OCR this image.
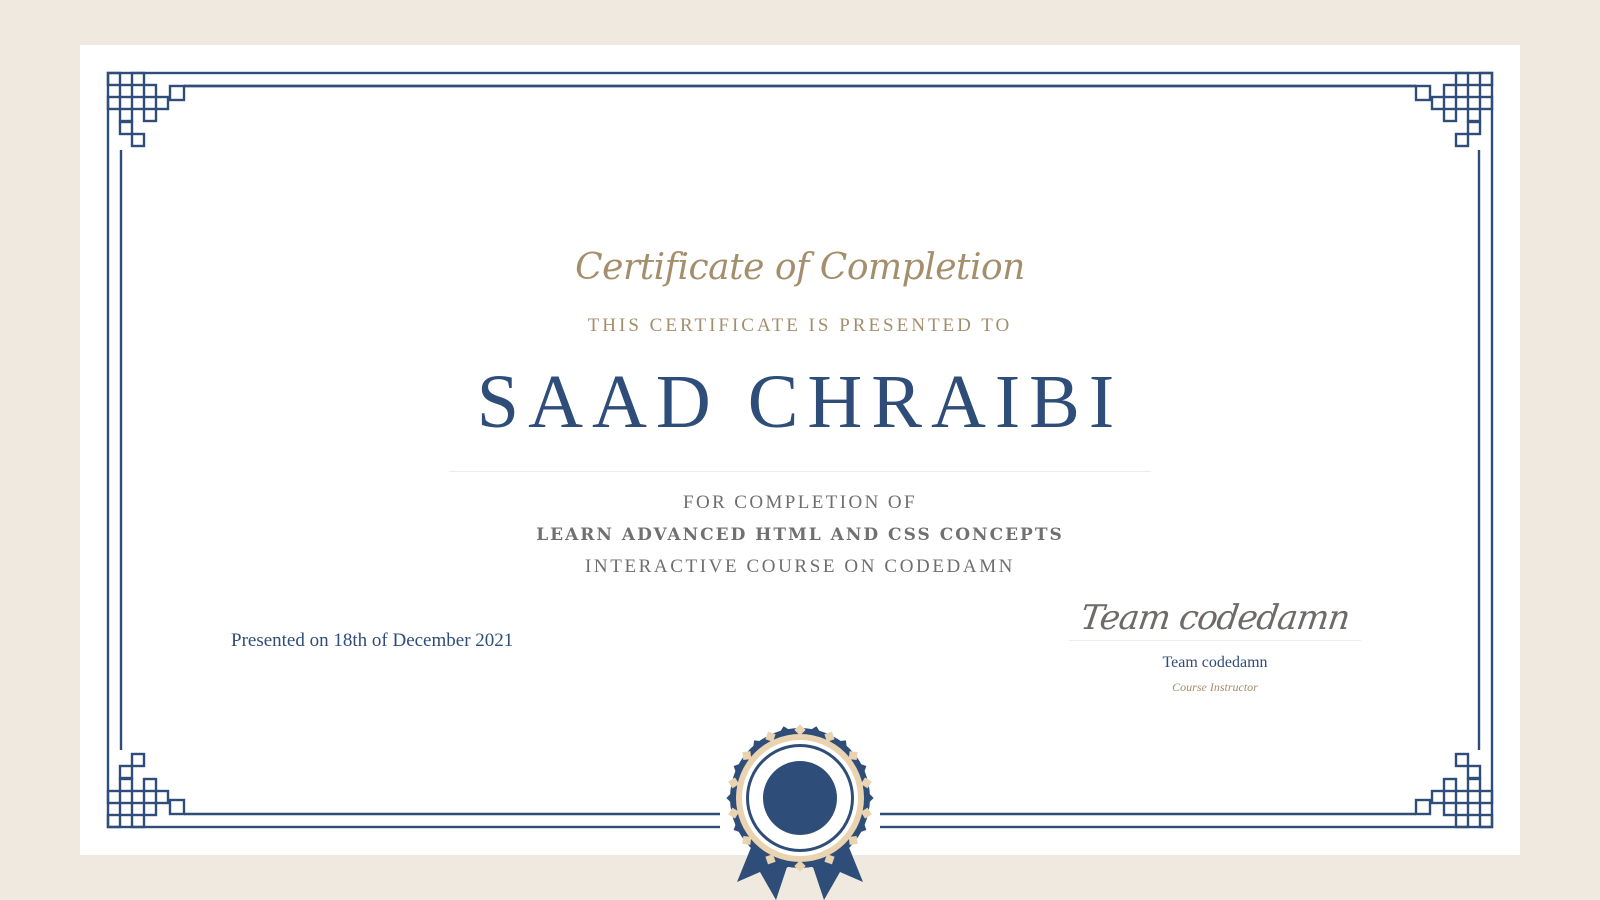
Certificate of Completion

THIS CERTIFICATE IS PRESENTED TO

SAAD CHRAIBI

FOR COMPLETION OF

LEARN ADVANCED HTML AND CSS CONCEPTS

INTERACTIVE COURSE ON CODEDAMN

Presented on 18th of December 2021

Team codedamn

Team codedamn
Course Instructor
